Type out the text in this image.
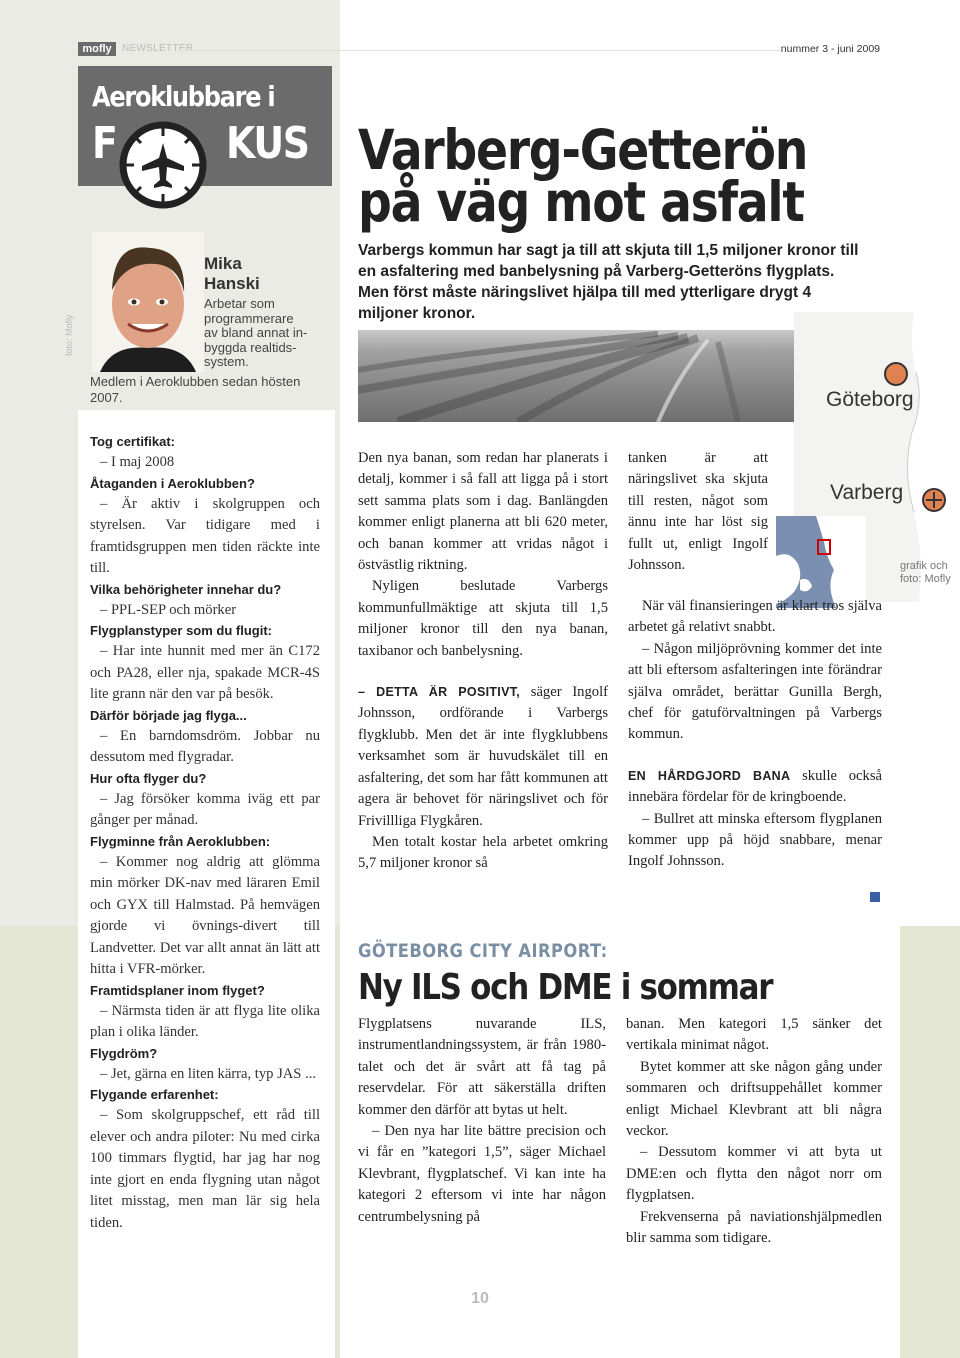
mofly	NEWSLETTER	nummer 3 - juni 2009
Aeroklubbare i
F KUS
foto: Mofly
Mika
Hanski
Arbetar som
programmerare
av bland annat in-
byggda realtids-
system.
Medlem i Aeroklubben sedan hösten
2007.
Tog certifikat:
– I maj 2008
Åtaganden i Aeroklubben?
– Är aktiv i skolgruppen och styrelsen. Var tidigare med i framtidsgruppen men tiden räckte inte till.
Vilka behörigheter innehar du?
– PPL-SEP och mörker
Flygplanstyper som du flugit:
– Har inte hunnit med mer än C172 och PA28, eller nja, spakade MCR-4S lite grann när den var på besök.
Därför började jag flyga...
– En barndomsdröm. Jobbar nu dessutom med flygradar.
Hur ofta flyger du?
– Jag försöker komma iväg ett par gånger per månad.
Flygminne från Aeroklubben:
– Kommer nog aldrig att glömma min mörker DK-nav med läraren Emil och GYX till Halmstad. På hemvägen gjorde vi övnings-divert till Landvetter. Det var allt annat än lätt att hitta i VFR-mörker.
Framtidsplaner inom flyget?
– Närmsta tiden är att flyga lite olika plan i olika länder.
Flygdröm?
– Jet, gärna en liten kärra, typ JAS ...
Flygande erfarenhet:
– Som skolgruppschef, ett råd till elever och andra piloter: Nu med cirka 100 timmars flygtid, har jag har nog inte gjort en enda flygning utan något litet misstag, men man lär sig hela tiden.
Varberg-Getterön
på väg mot asfalt
Varbergs kommun har sagt ja till att skjuta till 1,5 miljoner kronor till en asfaltering med banbelysning på Varberg-Getteröns flygplats. Men först måste näringslivet hjälpa till med ytterligare drygt 4 miljoner kronor.
Göteborg
Varberg
grafik och
foto: Mofly

Den nya banan, som redan har planerats i detalj, kommer i så fall att ligga på i stort sett samma plats som i dag. Banlängden kommer enligt planerna att bli 620 meter, och banan kommer att vridas något i östvästlig riktning.

Nyligen beslutade Varbergs kommunfullmäktige att skjuta till 1,5 miljoner kronor till den nya banan, taxibanor och banbelysning.

– DETTA ÄR POSITIVT, säger Ingolf Johnsson, ordförande i Varbergs flygklubb. Men det är inte flygklubbens verksamhet som är huvudskälet till en asfaltering, det som har fått kommunen att agera är behovet för näringslivet och för Frivillliga Flygkåren.

Men totalt kostar hela arbetet omkring 5,7 miljoner kronor så

tanken är att näringslivet ska skjuta till resten, något som ännu inte har löst sig fullt ut, enligt Ingolf Johnsson.

När väl finansieringen är klart tros själva arbetet gå relativt snabbt.

– Någon miljöprövning kommer det inte att bli eftersom asfalteringen inte förändrar själva området, berättar Gunilla Bergh, chef för gatuförvaltningen på Varbergs kommun.

EN HÅRDGJORD BANA skulle också innebära fördelar för de kringboende.

– Bullret att minska eftersom flygplanen kommer upp på höjd snabbare, menar Ingolf Johnsson.

GÖTEBORG CITY AIRPORT:
Ny ILS och DME i sommar

Flygplatsens nuvarande ILS, instrumentlandningssystem, är från 1980-talet och det är svårt att få tag på reservdelar. För att säkerställa driften kommer den därför att bytas ut helt.

– Den nya har lite bättre precision och vi får en ”kategori 1,5”, säger Michael Klevbrant, flygplatschef. Vi kan inte ha kategori 2 eftersom vi inte har någon centrumbelysning på

banan. Men kategori 1,5 sänker det vertikala minimat något.

Bytet kommer att ske någon gång under sommaren och driftsuppehållet kommer enligt Michael Klevbrant att bli några veckor.

– Dessutom kommer vi att byta ut DME:en och flytta den något norr om flygplatsen.

Frekvenserna på naviationshjälpmedlen blir samma som tidigare.

10
